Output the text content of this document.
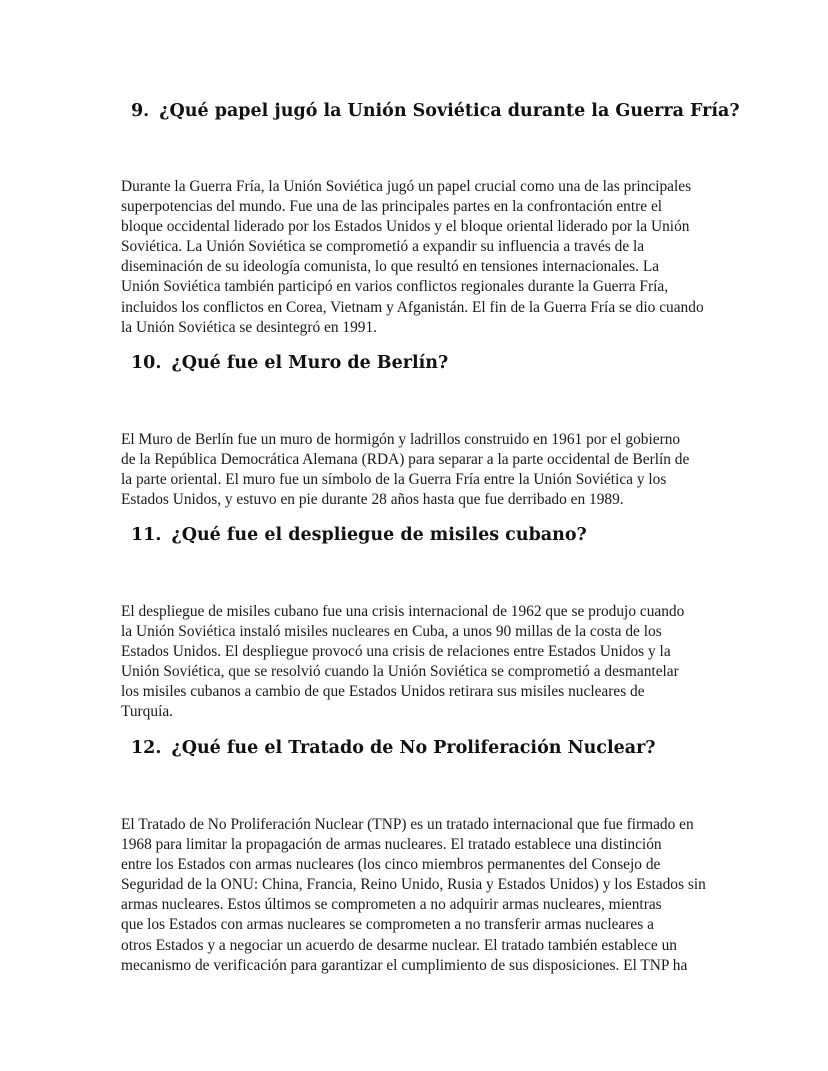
9. ¿Qué papel jugó la Unión Soviética durante la Guerra Fría?
Durante la Guerra Fría, la Unión Soviética jugó un papel crucial como una de las principales
superpotencias del mundo. Fue una de las principales partes en la confrontación entre el
bloque occidental liderado por los Estados Unidos y el bloque oriental liderado por la Unión
Soviética. La Unión Soviética se comprometió a expandir su influencia a través de la
diseminación de su ideología comunista, lo que resultó en tensiones internacionales. La
Unión Soviética también participó en varios conflictos regionales durante la Guerra Fría,
incluidos los conflictos en Corea, Vietnam y Afganistán. El fin de la Guerra Fría se dio cuando
la Unión Soviética se desintegró en 1991.
10. ¿Qué fue el Muro de Berlín?
El Muro de Berlín fue un muro de hormigón y ladrillos construido en 1961 por el gobierno
de la República Democrática Alemana (RDA) para separar a la parte occidental de Berlín de
la parte oriental. El muro fue un símbolo de la Guerra Fría entre la Unión Soviética y los
Estados Unidos, y estuvo en pie durante 28 años hasta que fue derribado en 1989.
11. ¿Qué fue el despliegue de misiles cubano?
El despliegue de misiles cubano fue una crisis internacional de 1962 que se produjo cuando
la Unión Soviética instaló misiles nucleares en Cuba, a unos 90 millas de la costa de los
Estados Unidos. El despliegue provocó una crisis de relaciones entre Estados Unidos y la
Unión Soviética, que se resolvió cuando la Unión Soviética se comprometió a desmantelar
los misiles cubanos a cambio de que Estados Unidos retirara sus misiles nucleares de
Turquía.
12. ¿Qué fue el Tratado de No Proliferación Nuclear?
El Tratado de No Proliferación Nuclear (TNP) es un tratado internacional que fue firmado en
1968 para limitar la propagación de armas nucleares. El tratado establece una distinción
entre los Estados con armas nucleares (los cinco miembros permanentes del Consejo de
Seguridad de la ONU: China, Francia, Reino Unido, Rusia y Estados Unidos) y los Estados sin
armas nucleares. Estos últimos se comprometen a no adquirir armas nucleares, mientras
que los Estados con armas nucleares se comprometen a no transferir armas nucleares a
otros Estados y a negociar un acuerdo de desarme nuclear. El tratado también establece un
mecanismo de verificación para garantizar el cumplimiento de sus disposiciones. El TNP ha
